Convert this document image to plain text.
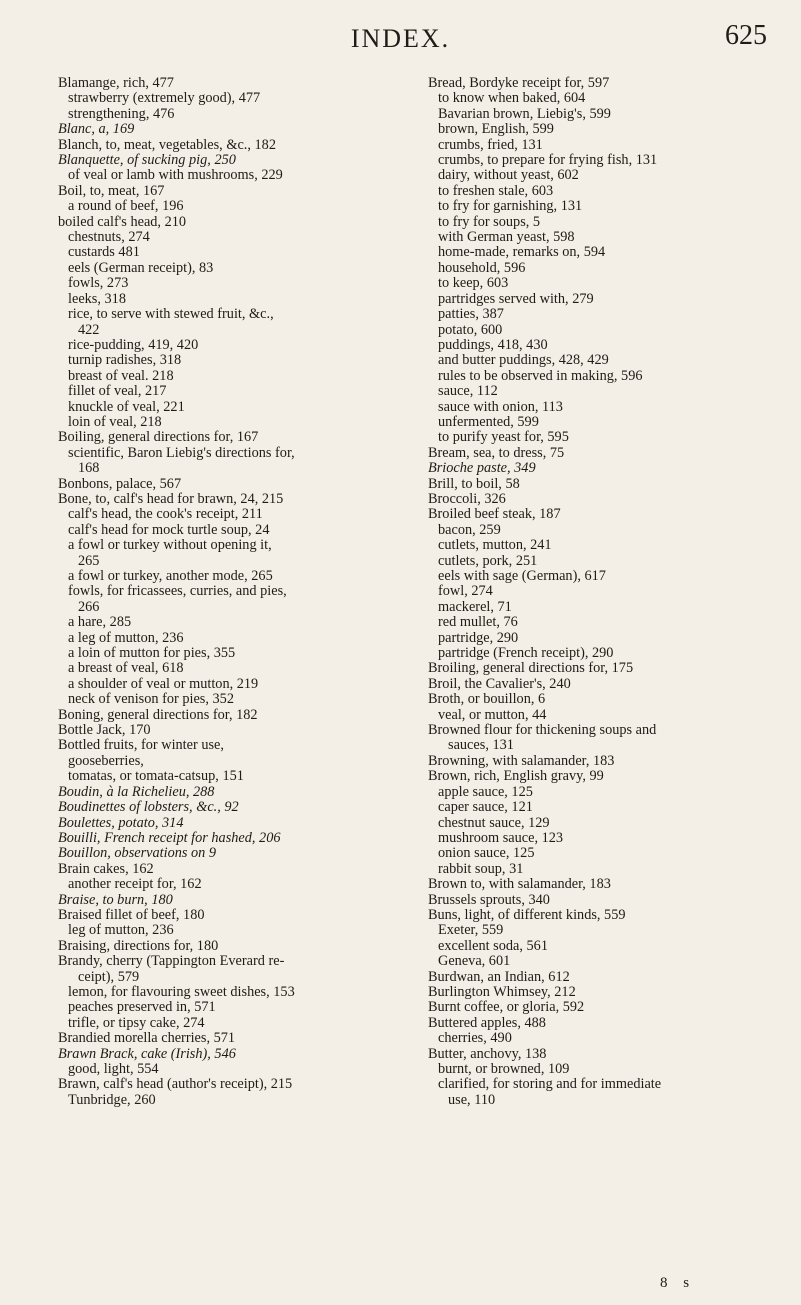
INDEX.	625
Blamange, rich, 477
strawberry (extremely good), 477
strengthening, 476
Blanc, a, 169
Blanch, to, meat, vegetables, &c., 182
Blanquette, of sucking pig, 250
of veal or lamb with mushrooms, 229
Boil, to, meat, 167
a round of beef, 196
boiled calf's head, 210
chestnuts, 274
custards 481
eels (German receipt), 83
fowls, 273
leeks, 318
rice, to serve with stewed fruit, &c.,
422
rice-pudding, 419, 420
turnip radishes, 318
breast of veal. 218
fillet of veal, 217
knuckle of veal, 221
loin of veal, 218
Boiling, general directions for, 167
scientific, Baron Liebig's directions for,
168
Bonbons, palace, 567
Bone, to, calf's head for brawn, 24, 215
calf's head, the cook's receipt, 211
calf's head for mock turtle soup, 24
a fowl or turkey without opening it,
265
a fowl or turkey, another mode, 265
fowls, for fricassees, curries, and pies,
266
a hare, 285
a leg of mutton, 236
a loin of mutton for pies, 355
a breast of veal, 618
a shoulder of veal or mutton, 219
neck of venison for pies, 352
Boning, general directions for, 182
Bottle Jack, 170
Bottled fruits, for winter use,
gooseberries,
tomatas, or tomata-catsup, 151
Boudin, à la Richelieu, 288
Boudinettes of lobsters, &c., 92
Boulettes, potato, 314
Bouilli, French receipt for hashed, 206
Bouillon, observations on 9
Brain cakes, 162
another receipt for, 162
Braise, to burn, 180
Braised fillet of beef, 180
leg of mutton, 236
Braising, directions for, 180
Brandy, cherry (Tappington Everard re-
ceipt), 579
lemon, for flavouring sweet dishes, 153
peaches preserved in, 571
trifle, or tipsy cake, 274
Brandied morella cherries, 571
Brawn Brack, cake (Irish), 546
good, light, 554
Brawn, calf's head (author's receipt), 215
Tunbridge, 260
Bread, Bordyke receipt for, 597
to know when baked, 604
Bavarian brown, Liebig's, 599
brown, English, 599
crumbs, fried, 131
crumbs, to prepare for frying fish, 131
dairy, without yeast, 602
to freshen stale, 603
to fry for garnishing, 131
to fry for soups, 5
with German yeast, 598
home-made, remarks on, 594
household, 596
to keep, 603
partridges served with, 279
patties, 387
potato, 600
puddings, 418, 430
and butter puddings, 428, 429
rules to be observed in making, 596
sauce, 112
sauce with onion, 113
unfermented, 599
to purify yeast for, 595
Bream, sea, to dress, 75
Brioche paste, 349
Brill, to boil, 58
Broccoli, 326
Broiled beef steak, 187
bacon, 259
cutlets, mutton, 241
cutlets, pork, 251
eels with sage (German), 617
fowl, 274
mackerel, 71
red mullet, 76
partridge, 290
partridge (French receipt), 290
Broiling, general directions for, 175
Broil, the Cavalier's, 240
Broth, or bouillon, 6
veal, or mutton, 44
Browned flour for thickening soups and
sauces, 131
Browning, with salamander, 183
Brown, rich, English gravy, 99
apple sauce, 125
caper sauce, 121
chestnut sauce, 129
mushroom sauce, 123
onion sauce, 125
rabbit soup, 31
Brown to, with salamander, 183
Brussels sprouts, 340
Buns, light, of different kinds, 559
Exeter, 559
excellent soda, 561
Geneva, 601
Burdwan, an Indian, 612
Burlington Whimsey, 212
Burnt coffee, or gloria, 592
Buttered apples, 488
cherries, 490
Butter, anchovy, 138
burnt, or browned, 109
clarified, for storing and for immediate
use, 110
8 s
